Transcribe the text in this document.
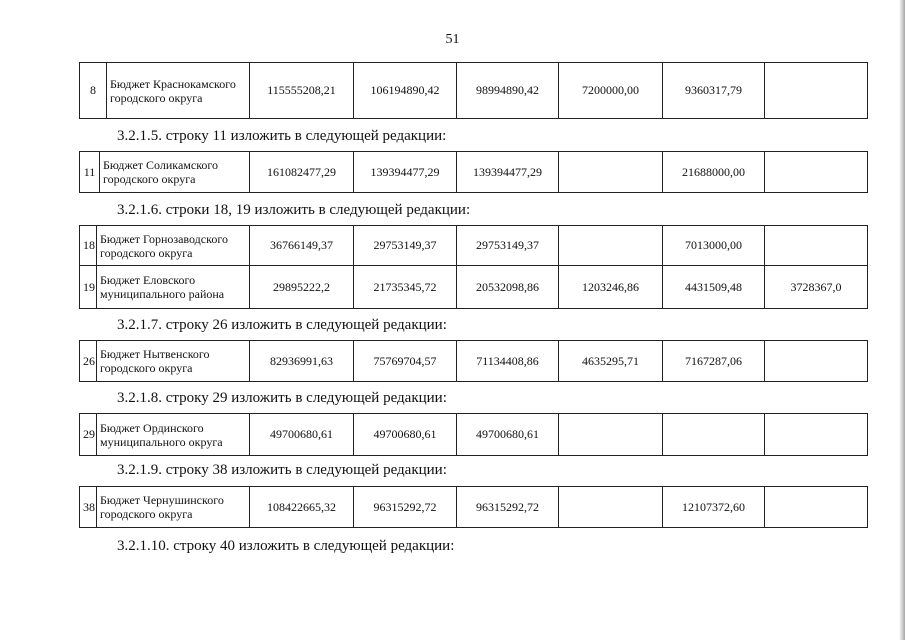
51
8	Бюджет Краснокамского городского округа	115555208,21	106194890,42	98994890,42	7200000,00	9360317,79	
3.2.1.5. строку 11 изложить в следующей редакции:
11	Бюджет Соликамского городского округа	161082477,29	139394477,29	139394477,29		21688000,00	
3.2.1.6. строки 18, 19 изложить в следующей редакции:
18	Бюджет Горнозаводского городского округа	36766149,37	29753149,37	29753149,37		7013000,00	
19	Бюджет Еловского муниципального района	29895222,2	21735345,72	20532098,86	1203246,86	4431509,48	3728367,0
3.2.1.7. строку 26 изложить в следующей редакции:
26	Бюджет Нытвенского городского округа	82936991,63	75769704,57	71134408,86	4635295,71	7167287,06	
3.2.1.8. строку 29 изложить в следующей редакции:
29	Бюджет Ординского муниципального округа	49700680,61	49700680,61	49700680,61			
3.2.1.9. строку 38 изложить в следующей редакции:
38	Бюджет Чернушинского городского округа	108422665,32	96315292,72	96315292,72		12107372,60	
3.2.1.10. строку 40 изложить в следующей редакции:
